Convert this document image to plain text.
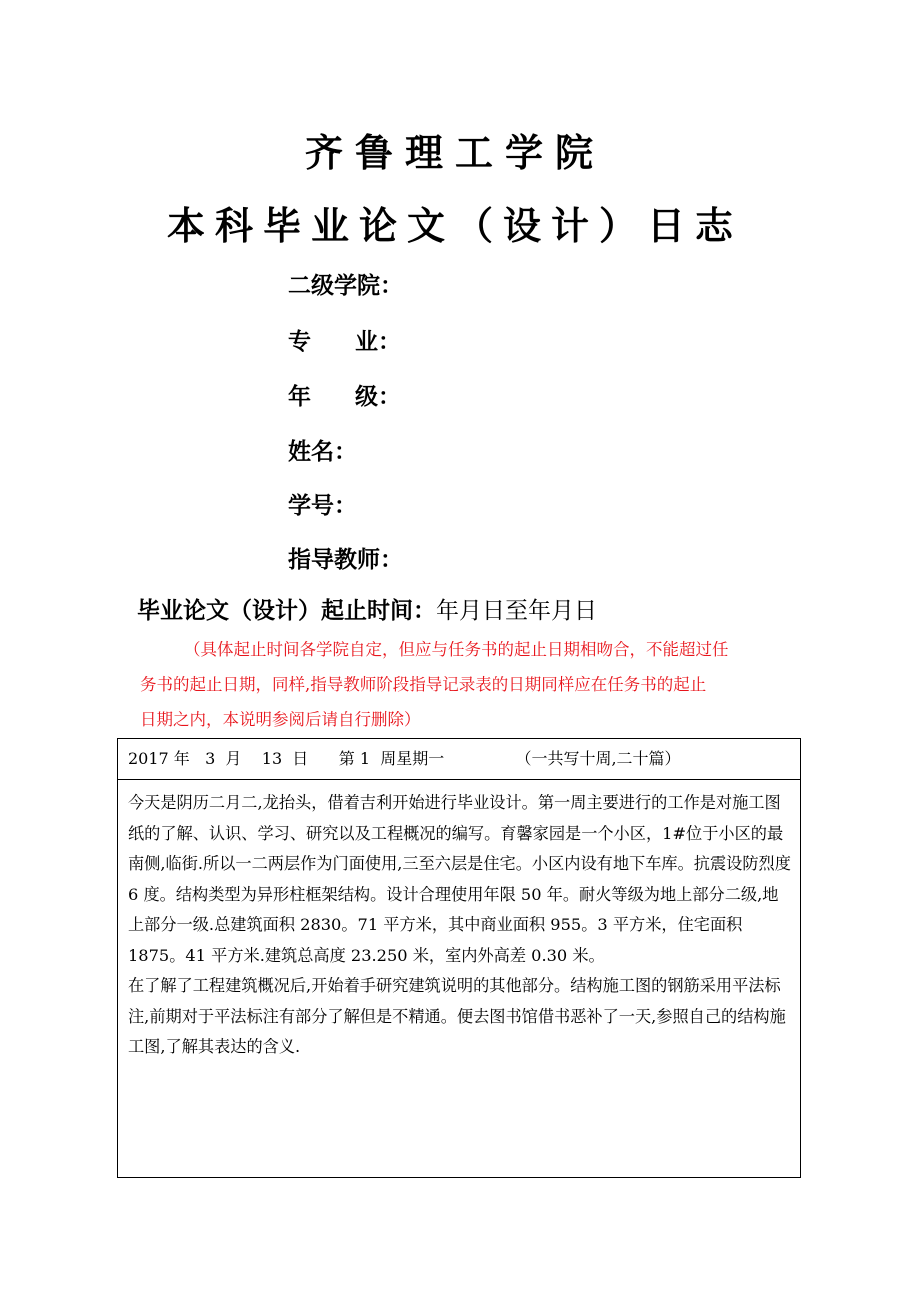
齐鲁理工学院
本科毕业论文（设计）日志
二级学院：
专 业：
年 级：
姓名：
学号：
指导教师：
毕业论文（设计）起止时间：年月日至年月日

（具体起止时间各学院自定，但应与任务书的起止日期相吻合，不能超过任

务书的起止日期，同样,指导教师阶段指导记录表的日期同样应在任务书的起止

日期之内，本说明参阅后请自行删除）

2017 年   3  月    13  日      第 1  周星期一              （一共写十周,二十篇）

今天是阴历二月二,龙抬头，借着吉利开始进行毕业设计。第一周主要进行的工作是对施工图纸的了解、认识、学习、研究以及工程概况的编写。育馨家园是一个小区，1#位于小区的最南侧,临街.所以一二两层作为门面使用,三至六层是住宅。小区内设有地下车库。抗震设防烈度 6 度。结构类型为异形柱框架结构。设计合理使用年限 50 年。耐火等级为地上部分二级,地上部分一级.总建筑面积 2830。71 平方米，其中商业面积 955。3 平方米，住宅面积 1875。41 平方米.建筑总高度 23.250 米，室内外高差 0.30 米。

在了解了工程建筑概况后,开始着手研究建筑说明的其他部分。结构施工图的钢筋采用平法标注,前期对于平法标注有部分了解但是不精通。便去图书馆借书恶补了一天,参照自己的结构施工图,了解其表达的含义.
